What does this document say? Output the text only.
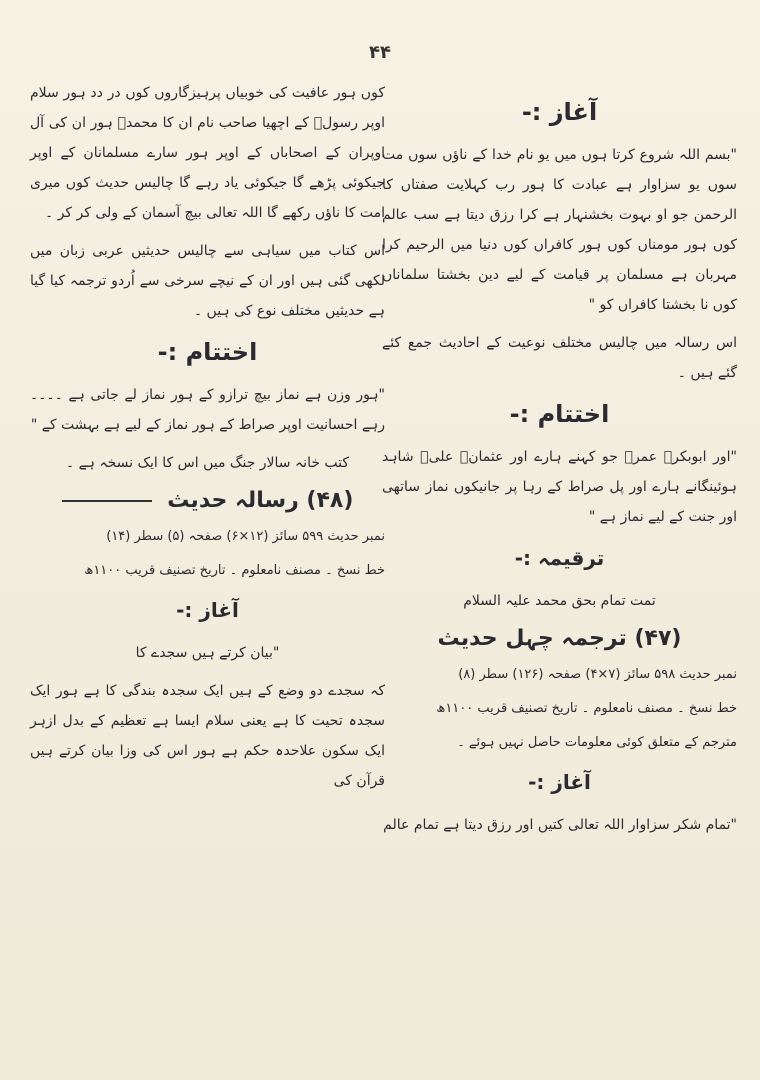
۴۴
آغاز :-

"بسم اللہ شروع کرتا ہوں میں یو نام خدا کے ناؤں سوں مت سوں یو سزاوار ہے عبادت کا ہور رب کہلایت صفتاں کا الرحمن جو او بہوت بخشنہار ہے کرا رزق دیتا ہے سب عالم کوں ہور مومناں کوں ہور کافراں کوں دنیا میں الرحیم کرا مہربان ہے مسلمان پر قیامت کے لیے دین بخشتا سلماناں کوں نا بخشتا کافراں کو "

اس رسالہ میں چالیس مختلف نوعیت کے احادیث جمع کئے گئے ہیں ۔

اختتام :-

"اور ابوبکرؓ عمرؓ جو کہنے ہارے اور عثمانؓ علیؓ شاہد ہوئینگانے ہارے اور پل صراط کے رہا پر جانیکوں نماز ساتھی اور جنت کے لیے نماز ہے "

ترقیمہ :-

تمت تمام بحق محمد علیہ السلام

(۴۷) ترجمہ چہل حدیث

نمبر حدیث ۵۹۸ سائز (۷×۴) صفحہ (۱۲۶) سطر (۸)

خط نسخ ۔ مصنف نامعلوم ۔ تاریخ تصنیف قریب ۱۱۰۰ھ

مترجم کے متعلق کوئی معلومات حاصل نہیں ہوئے ۔

آغاز :-

"تمام شکر سزاوار اللہ تعالی کتیں اور رزق دیتا ہے تمام عالم

کوں ہور عافیت کی خوبیاں پرہیزگاروں کوں در دد ہور سلام اوپر رسولؐ کے اچھیا صاحب نام ان کا محمدؐ ہور ان کی آل اوپران کے اصحاباں کے اوپر ہور سارے مسلمانان کے اوپر جیکوئی پڑھے گا جیکوئی یاد رہے گا چالیس حدیث کوں میری امت کا ناؤں رکھے گا اللہ تعالی بیچ آسمان کے ولی کر کر ۔

اس کتاب میں سیاہی سے چالیس حدیثیں عربی زبان میں لکھی گئی ہیں اور ان کے نیچے سرخی سے اُردو ترجمہ کیا گیا ہے حدیثیں مختلف نوع کی ہیں ۔

اختتام :-

"ہور وزن ہے نماز بیچ ترازو کے ہور نماز لے جاتی ہے ۔۔۔۔ رہے احسانیت اوپر صراط کے ہور نماز کے لیے ہے بہشت کے "

کتب خانہ سالار جنگ میں اس کا ایک نسخہ ہے ۔

(۴۸) رسالہ حدیث

نمبر حدیث ۵۹۹ سائز (۱۲×۶) صفحہ (۵) سطر (۱۴)

خط نسخ ۔ مصنف نامعلوم ۔ تاریخ تصنیف قریب ۱۱۰۰ھ

آغاز :-

"بیان کرتے ہیں سجدے کا

کہ سجدے دو وضع کے ہیں ایک سجدہ بندگی کا ہے ہور ایک سجدہ تحیت کا ہے یعنی سلام ایسا ہے تعظیم کے بدل ازہر ایک سکون علاحدہ حکم ہے ہور اس کی وزا بیان کرتے ہیں قرآن کی
